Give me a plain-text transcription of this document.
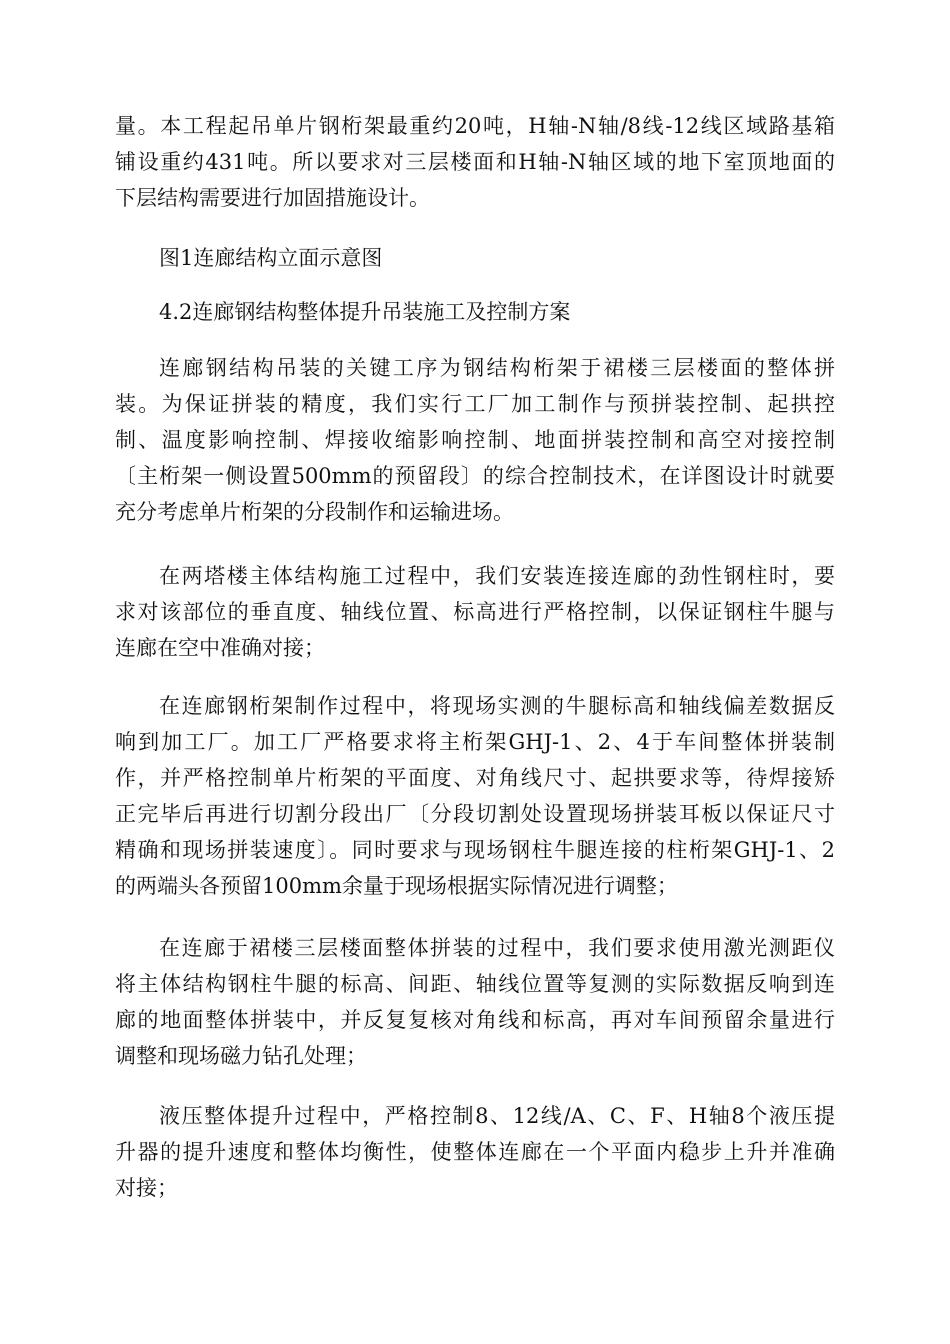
量。本工程起吊单片钢桁架最重约20吨，H轴-N轴/8线-12线区域路基箱
铺设重约431吨。所以要求对三层楼面和H轴-N轴区域的地下室顶地面的
下层结构需要进行加固措施设计。
图1连廊结构立面示意图
4.2连廊钢结构整体提升吊装施工及控制方案
连廊钢结构吊装的关键工序为钢结构桁架于裙楼三层楼面的整体拼
装。为保证拼装的精度，我们实行工厂加工制作与预拼装控制、起拱控
制、温度影响控制、焊接收缩影响控制、地面拼装控制和高空对接控制
〔主桁架一侧设置500mm的预留段〕的综合控制技术，在详图设计时就要
充分考虑单片桁架的分段制作和运输进场。
在两塔楼主体结构施工过程中，我们安装连接连廊的劲性钢柱时，要
求对该部位的垂直度、轴线位置、标高进行严格控制，以保证钢柱牛腿与
连廊在空中准确对接；
在连廊钢桁架制作过程中，将现场实测的牛腿标高和轴线偏差数据反
响到加工厂。加工厂严格要求将主桁架GHJ-1、2、4于车间整体拼装制
作，并严格控制单片桁架的平面度、对角线尺寸、起拱要求等，待焊接矫
正完毕后再进行切割分段出厂〔分段切割处设置现场拼装耳板以保证尺寸
精确和现场拼装速度〕。同时要求与现场钢柱牛腿连接的柱桁架GHJ-1、2
的两端头各预留100mm余量于现场根据实际情况进行调整；
在连廊于裙楼三层楼面整体拼装的过程中，我们要求使用激光测距仪
将主体结构钢柱牛腿的标高、间距、轴线位置等复测的实际数据反响到连
廊的地面整体拼装中，并反复复核对角线和标高，再对车间预留余量进行
调整和现场磁力钻孔处理；
液压整体提升过程中，严格控制8、12线/A、C、F、H轴8个液压提
升器的提升速度和整体均衡性，使整体连廊在一个平面内稳步上升并准确
对接；
